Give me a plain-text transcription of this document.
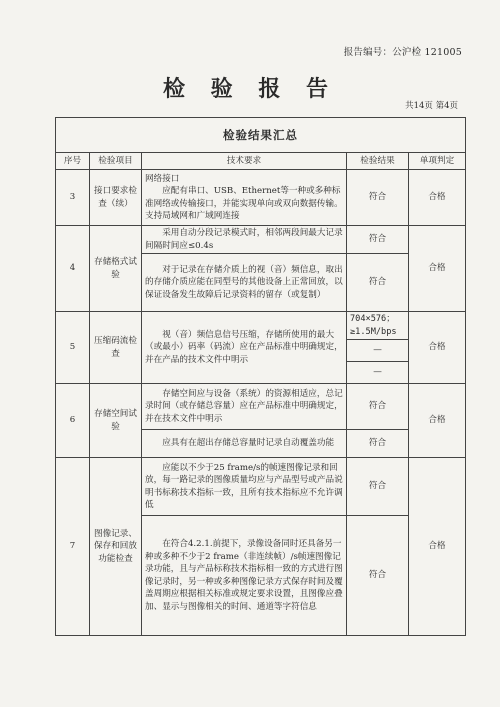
报告编号：公沪检 121005
检 验 报 告
共14页 第4页
检验结果汇总				
序号	检验项目	技术要求	检验结果	单项判定
3	接口要求检查（续）	网络接口

应配有串口、USB、Ethernet等一种或多种标准网络或传输接口，并能实现单向或双向数据传输。支持局域网和广域网连接	符合	合格
4	存储格式试验	采用自动分段记录模式时，相邻两段间最大记录间隔时间应≤0.4s	符合	合格

		对于记录在存储介质上的视（音）频信息，取出的存储介质应能在同型号的其他设备上正常回放，以保证设备发生故障后记录资料的留存（或复制）	符合	
5	压缩码流检查	视（音）频信息信号压缩，存储所使用的最大（或最小）码率（码流）应在产品标准中明确规定，并在产品的技术文件中明示	704×576；≥1.5M/bps	合格
			—	
			—	
6	存储空间试验	存储空间应与设备（系统）的资源相适应，总记录时间（或存储总容量）应在产品标准中明确规定，并在技术文件中明示	符合	合格

		应具有在超出存储总容量时记录自动覆盖功能	符合	
7	图像记录、保存和回放功能检查	应能以不少于25 frame/s的帧速图像记录和回放，每一路记录的图像质量均应与产品型号或产品说明书标称技术指标一致，且所有技术指标应不允许调低	符合	合格

		在符合4.2.1.前提下，录像设备同时还具备另一种或多种不少于2 frame（非连续帧）/s帧速图像记录功能，且与产品标称技术指标相一致的方式进行图像记录时，另一种或多种图像记录方式保存时间及覆盖周期应根据相关标准或规定要求设置，且图像应叠加、显示与图像相关的时间、通道等字符信息	符合	
